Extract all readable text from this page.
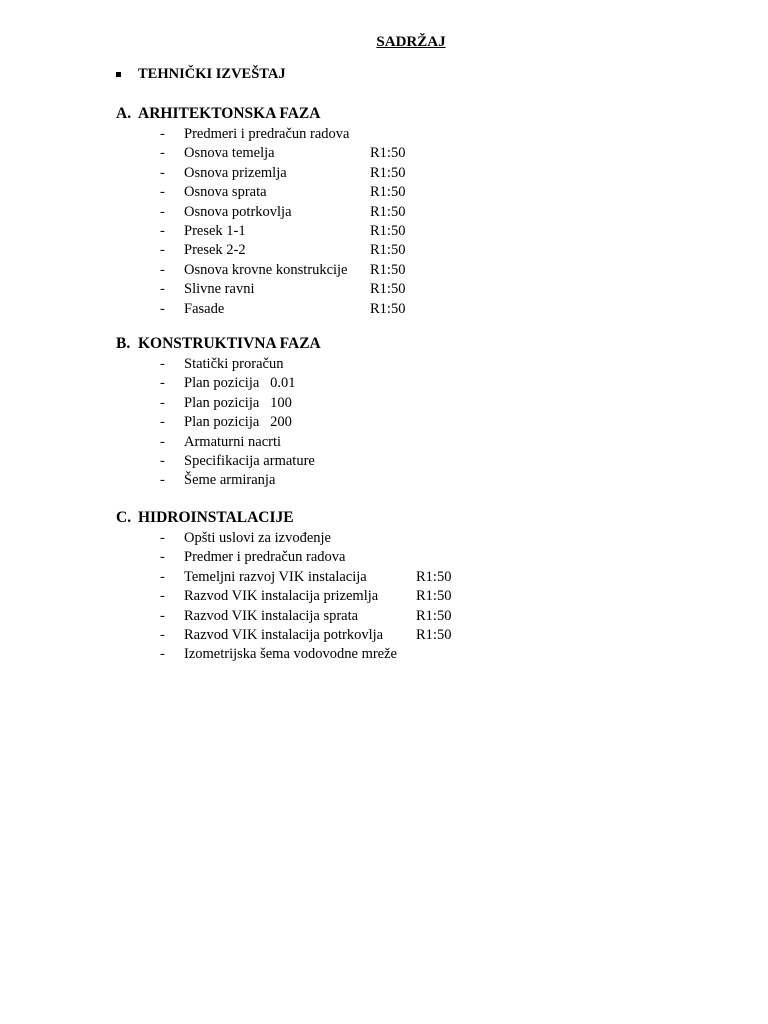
SADRŽAJ
TEHNIČKI IZVEŠTAJ
A. ARHITEKTONSKA FAZA
-	Predmeri i predračun radova
-	Osnova temelja	R1:50
-	Osnova prizemlja	R1:50
-	Osnova sprata	R1:50
-	Osnova potrkovlja	R1:50
-	Presek 1-1	R1:50
-	Presek 2-2	R1:50
-	Osnova krovne konstrukcije	R1:50
-	Slivne ravni	R1:50
-	Fasade	R1:50
B. KONSTRUKTIVNA FAZA
-	Statički proračun
-	Plan pozicija   0.01
-	Plan pozicija   100
-	Plan pozicija   200
-	Armaturni nacrti
-	Specifikacija armature
-	Šeme armiranja
C. HIDROINSTALACIJE
-	Opšti uslovi za izvođenje
-	Predmer i predračun radova
-	Temeljni razvoj VIK instalacija	R1:50
-	Razvod VIK instalacija prizemlja	R1:50
-	Razvod VIK instalacija sprata	R1:50
-	Razvod VIK instalacija potrkovlja	R1:50
-	Izometrijska šema vodovodne mreže
